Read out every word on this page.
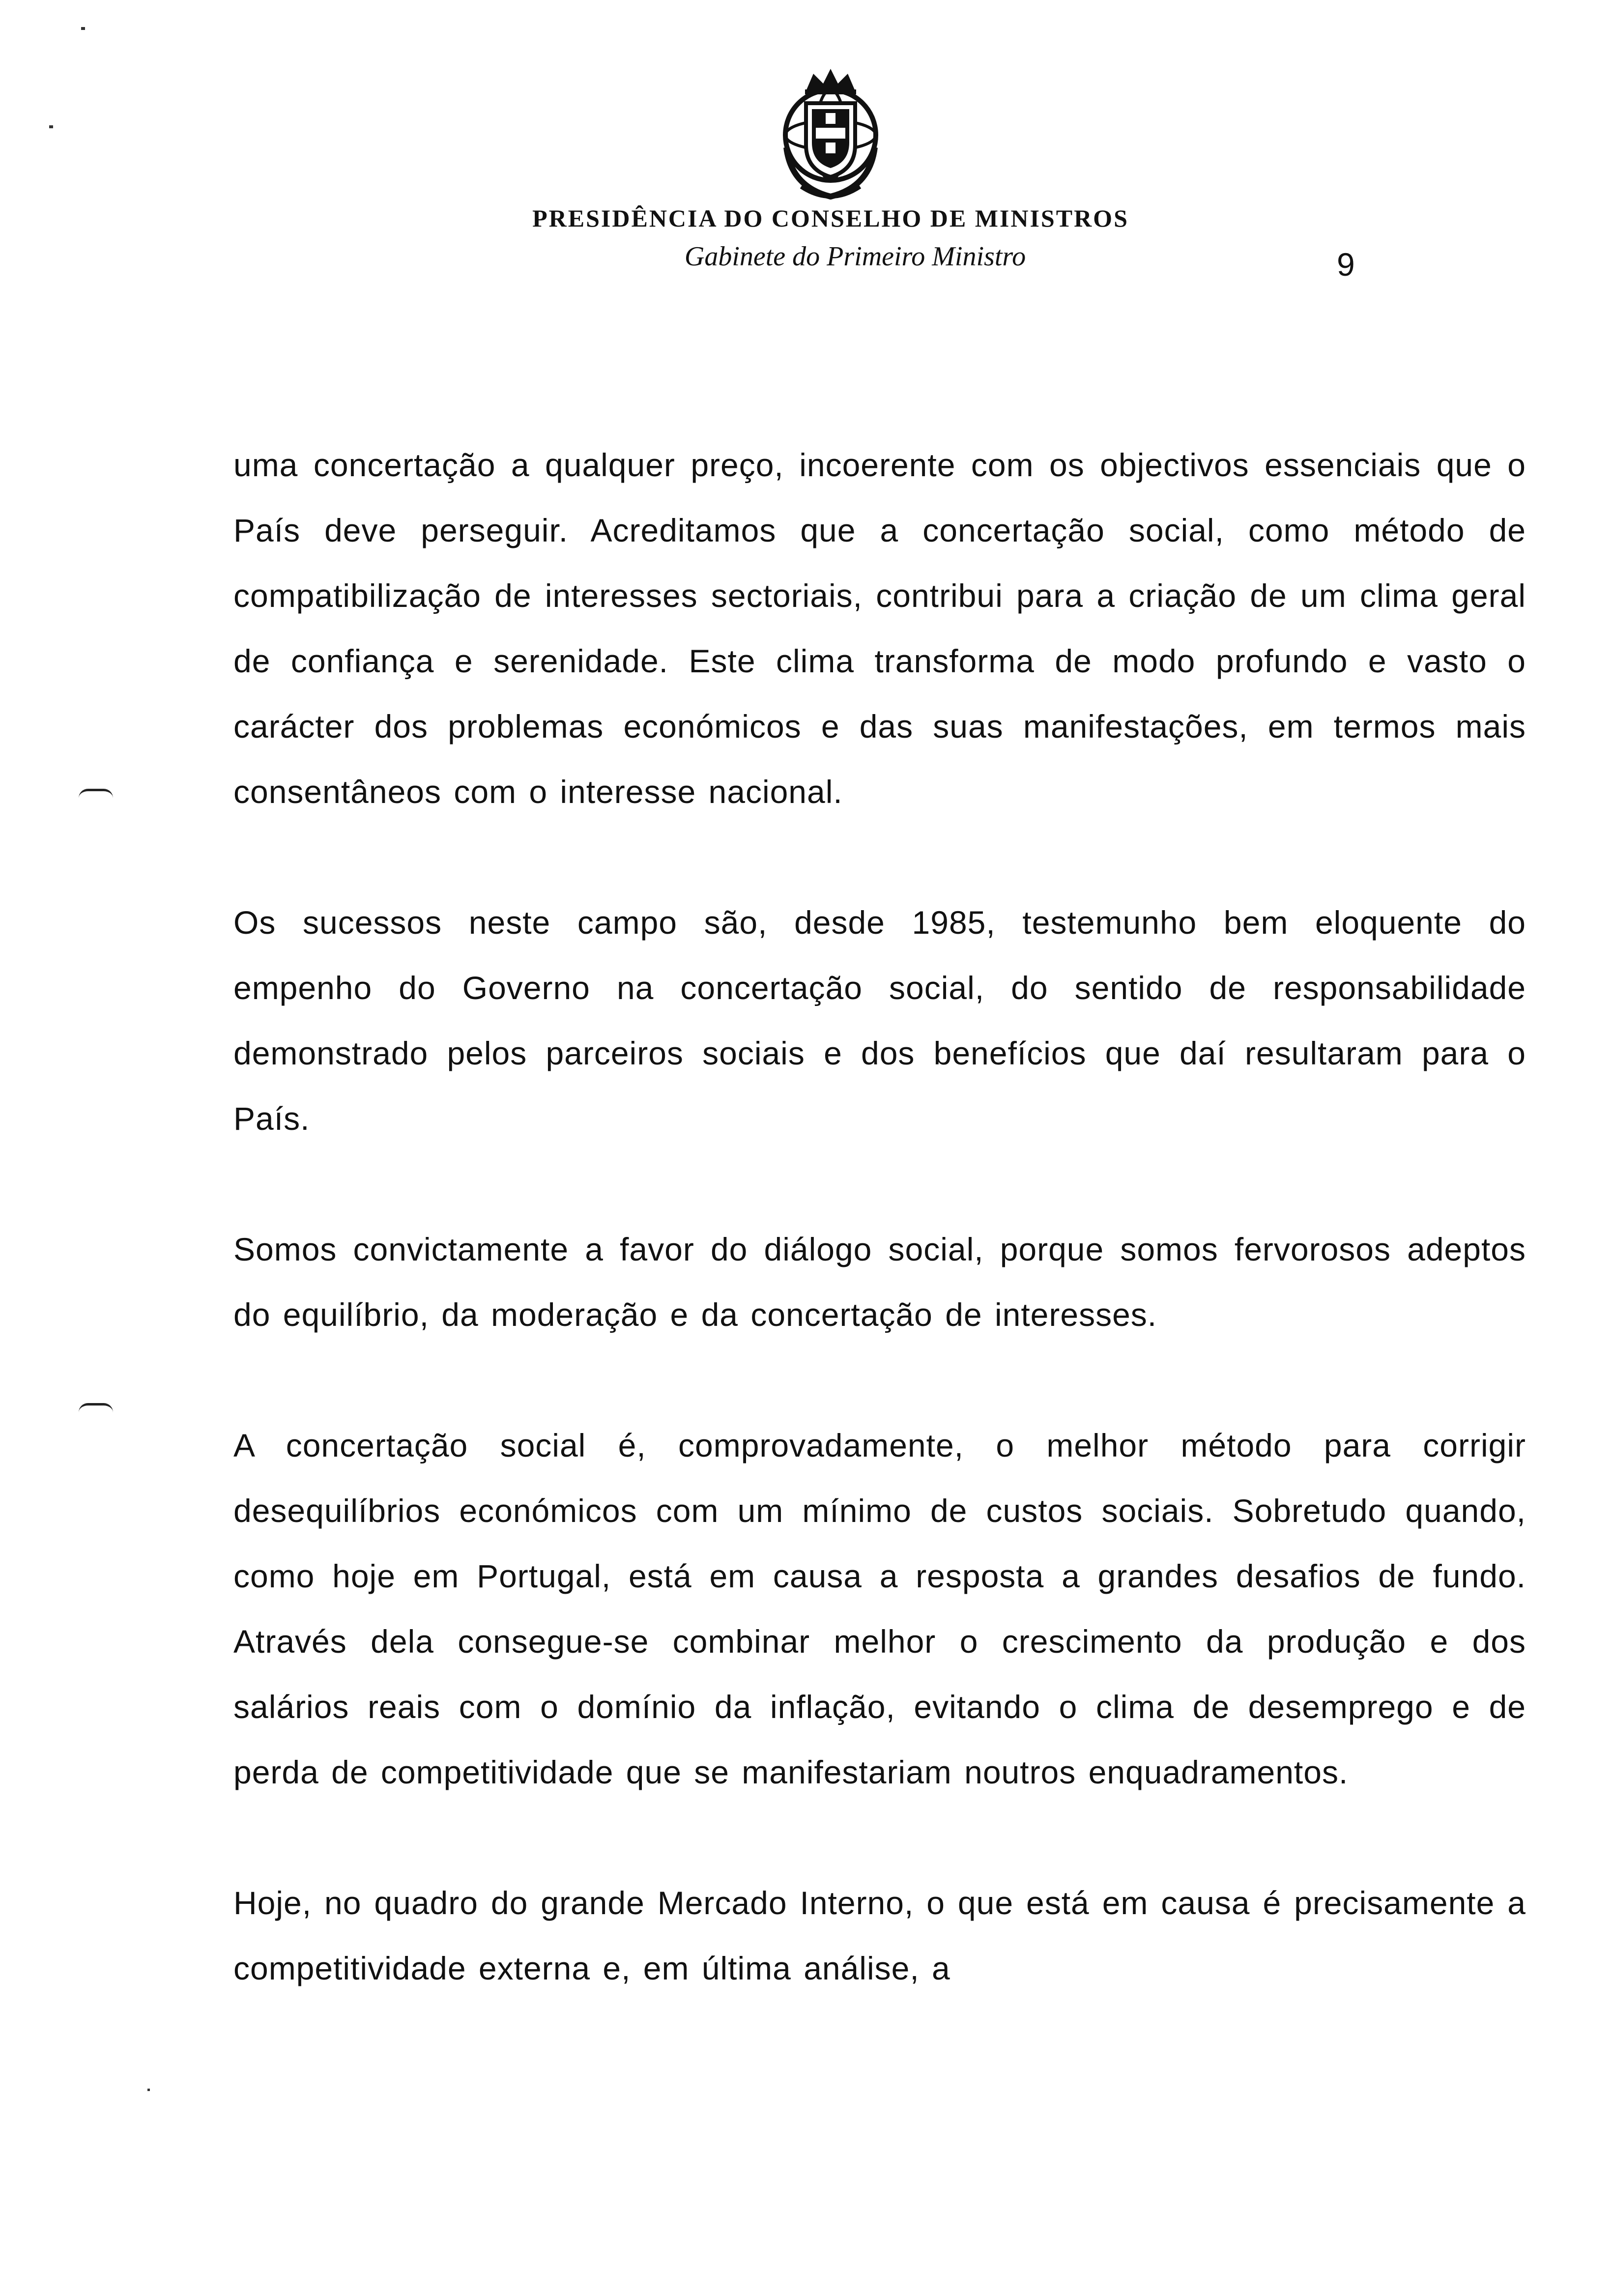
PRESIDÊNCIA DO CONSELHO DE MINISTROS
Gabinete do Primeiro Ministro	9

uma concertação a qualquer preço, incoerente com os objectivos essenciais que o País deve perseguir. Acreditamos que a concertação social, como método de compatibilização de interesses sectoriais, contribui para a criação de um clima geral de confiança e serenidade. Este clima transforma de modo profundo e vasto o carácter dos problemas económicos e das suas manifestações, em termos mais consentâneos com o interesse nacional.

Os sucessos neste campo são, desde 1985, testemunho bem eloquente do empenho do Governo na concertação social, do sentido de responsabilidade demonstrado pelos parceiros sociais e dos benefícios que daí resultaram para o País.

Somos convictamente a favor do diálogo social, porque somos fervorosos adeptos do equilíbrio, da moderação e da concertação de interesses.

A concertação social é, comprovadamente, o melhor método para corrigir desequilíbrios económicos com um mínimo de custos sociais. Sobretudo quando, como hoje em Portugal, está em causa a resposta a grandes desafios de fundo. Através dela consegue-se combinar melhor o crescimento da produção e dos salários reais com o domínio da inflação, evitando o clima de desemprego e de perda de competitividade que se manifestariam noutros enquadramentos.

Hoje, no quadro do grande Mercado Interno, o que está em causa é precisamente a competitividade externa e, em última análise, a
